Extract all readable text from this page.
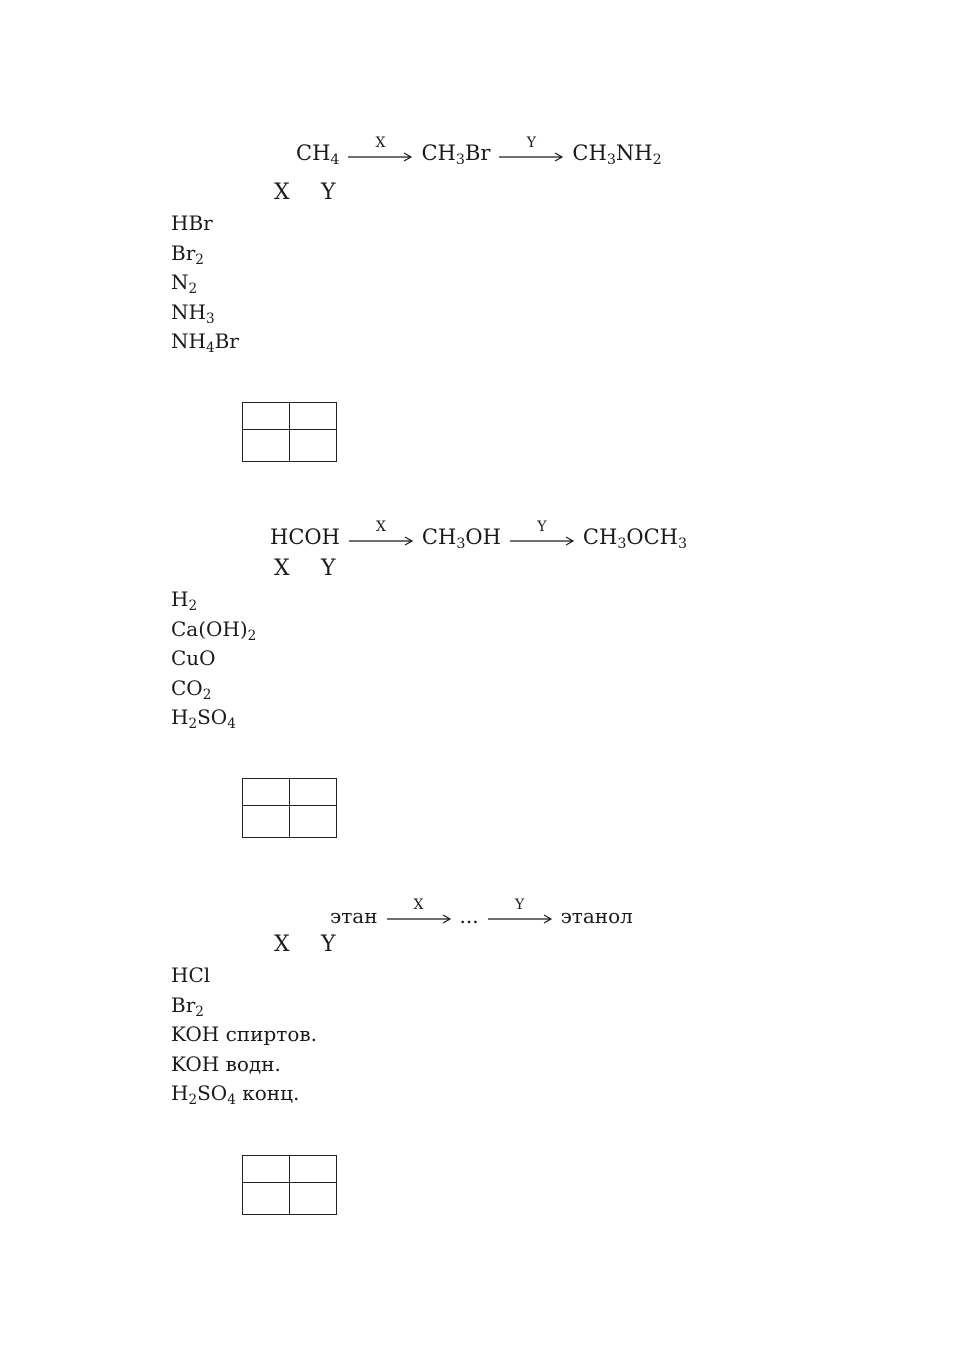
$CH_4$
X	$CH_3Br$	Y	$CH_3NH_2$
X Y
HBr
$Br_2$
$N_2$
$NH_3$
$NH_4Br$

HCOH	X	$CH_3OH$	Y	$CH_3OCH_3$
X Y
$H_2$
$Ca(OH)_2$
CuO
$CO_2$
$H_2SO_4$

этан	X	...	Y	этанол
X Y
HCl
$Br_2$
KOH спиртов.
KOH водн.
$H_2SO_4$ конц.
